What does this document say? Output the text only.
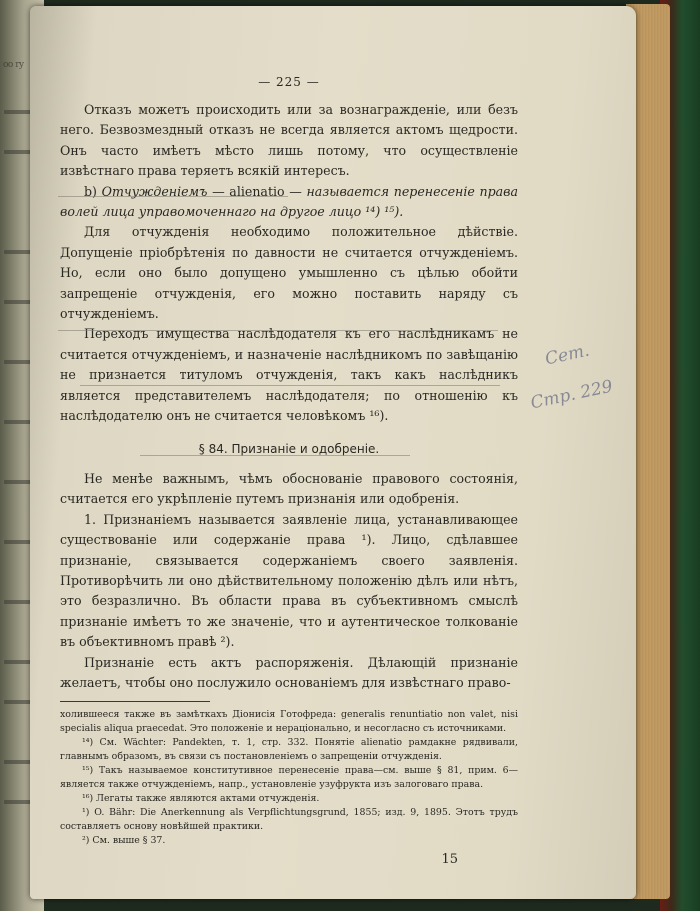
oo ry
— 225 —

Отказъ можетъ происходить или за вознагражденіе, или безъ него. Безвозмездный отказъ не всегда является актомъ щедрости. Онъ часто имѣетъ мѣсто лишь потому, что осуществленіе извѣстнаго права теряетъ всякій интересъ.

b) Отчужденіемъ — alienatio — называется перенесеніе права волей лица управомоченнаго на другое лицо ¹⁴) ¹⁵).

Для отчужденія необходимо положительное дѣйствіе. Допущеніе пріобрѣтенія по давности не считается отчужденіемъ. Но, если оно было допущено умышленно съ цѣлью обойти запрещеніе отчужденія, его можно поставить наряду съ отчужденіемъ.

Переходъ имущества наслѣдодателя къ его наслѣдникамъ не считается отчужденіемъ, и назначеніе наслѣдникомъ по завѣщанію не признается титуломъ отчужденія, такъ какъ наслѣдникъ является представителемъ наслѣдодателя; по отношенію къ наслѣдодателю онъ не считается человѣкомъ ¹⁶).

§ 84. Признаніе и одобреніе.

Не менѣе важнымъ, чѣмъ обоснованіе правового состоянія, считается его укрѣпленіе путемъ признанія или одобренія.

1. Признаніемъ называется заявленіе лица, устанавливающее существованіе или содержаніе права ¹). Лицо, сдѣлавшее признаніе, связывается содержаніемъ своего заявленія. Противорѣчить ли оно дѣйствительному положенію дѣлъ или нѣтъ, это безразлично. Въ области права въ субъективномъ смыслѣ признаніе имѣетъ то же значеніе, что и аутентическое толкованіе въ объективномъ правѣ ²).

Признаніе есть актъ распоряженія. Дѣлающій признаніе желаетъ, чтобы оно послужило основаніемъ для извѣстнаго право-

холившееся также въ замѣткахъ Діонисія Готофреда: generalis renuntiatio non valet, nisi specialis aliqua praecedat. Это положеніе и нераціонально, и несогласно съ источниками.

¹⁴) См. Wächter: Pandekten, т. 1, стр. 332. Понятіе alienatio рамдакне рядвивали, главнымъ образомъ, въ связи съ постановленіемъ о запрещеніи отчужденія.

¹⁵) Такъ называемое конститутивное перенесеніе права—см. выше § 81, прим. 6—является также отчужденіемъ, напр., установленіе узуфрукта изъ залоговаго права.

¹⁶) Легаты также являются актами отчужденія.

¹) O. Bähr: Die Anerkennung als Verpflichtungsgrund, 1855; изд. 9, 1895. Этотъ трудъ составляетъ основу новѣйшей практики.

²) См. выше § 37.

15
Сет.
Стр. 229
